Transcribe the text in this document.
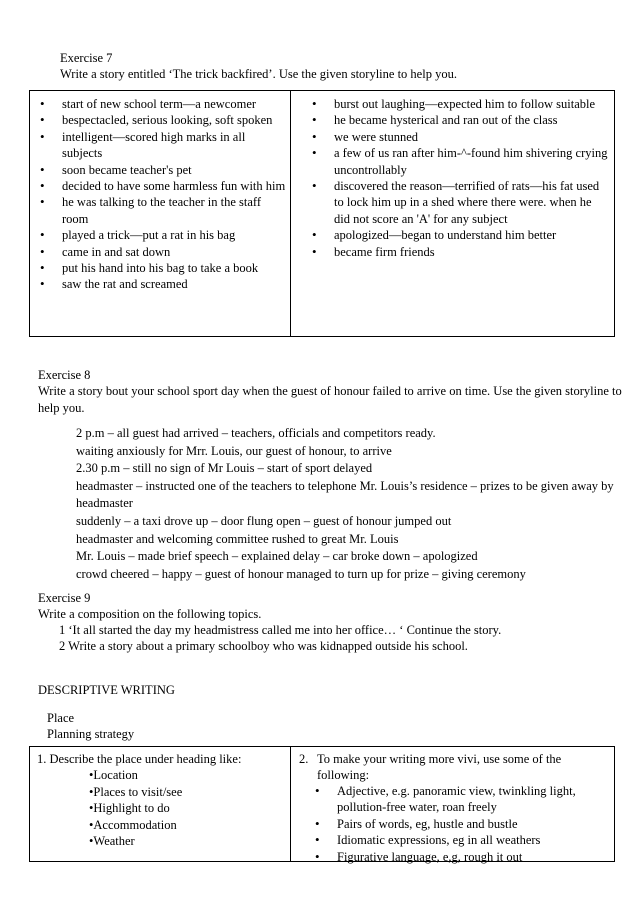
Exercise 7
Write a story entitled ‘The trick backfired’. Use the given storyline to help you.
• start of new school term—a newcomer
• bespectacled, serious looking, soft spoken
• intelligent—scored high marks in all subjects
• soon became teacher's pet
• decided to have some harmless fun with him
• he was talking to the teacher in the staff room
• played a trick—put a rat in his bag
• came in and sat down
• put his hand into his bag to take a book
• saw the rat and screamed
• burst out laughing—expected him to follow suitable
• he became hysterical and ran out of the class
• we were stunned
• a few of us ran after him-^-found him shivering crying uncontrollably
• discovered the reason—terrified of rats—his fat used to lock him up in a shed where there were. when he did not score an 'A' for any subject
• apologized—began to understand him better
• became firm friends
Exercise 8
Write a story bout your school sport day when the guest of honour failed to arrive on time. Use the given storyline to help you.
2 p.m – all guest had arrived – teachers, officials and competitors ready.
waiting anxiously for Mrr. Louis, our guest of honour, to arrive
2.30 p.m – still no sign of Mr Louis – start of sport delayed
headmaster – instructed one of the teachers to telephone Mr. Louis’s residence – prizes to be given away by
headmaster
suddenly – a taxi drove up – door flung open – guest of honour jumped out
headmaster and welcoming committee rushed to great Mr. Louis
Mr. Louis – made brief speech – explained delay – car broke down – apologized
crowd cheered – happy – guest of honour managed to turn up for prize – giving ceremony
Exercise 9
Write a composition on the following topics.
1 ‘It all started the day my headmistress called me into her office… ‘ Continue the story.
2 Write a story about a primary schoolboy who was kidnapped outside his school.
DESCRIPTIVE WRITING
Place
Planning strategy
1. Describe the place under heading like:
• Location
• Places to visit/see
• Highlight to do
• Accommodation
• Weather
2. To make your writing more vivi, use some of the following:
• Adjective, e.g. panoramic view, twinkling light, pollution-free water, roan freely
• Pairs of words, eg, hustle and bustle
• Idiomatic expressions, eg in all weathers
• Figurative language, e,g, rough it out
